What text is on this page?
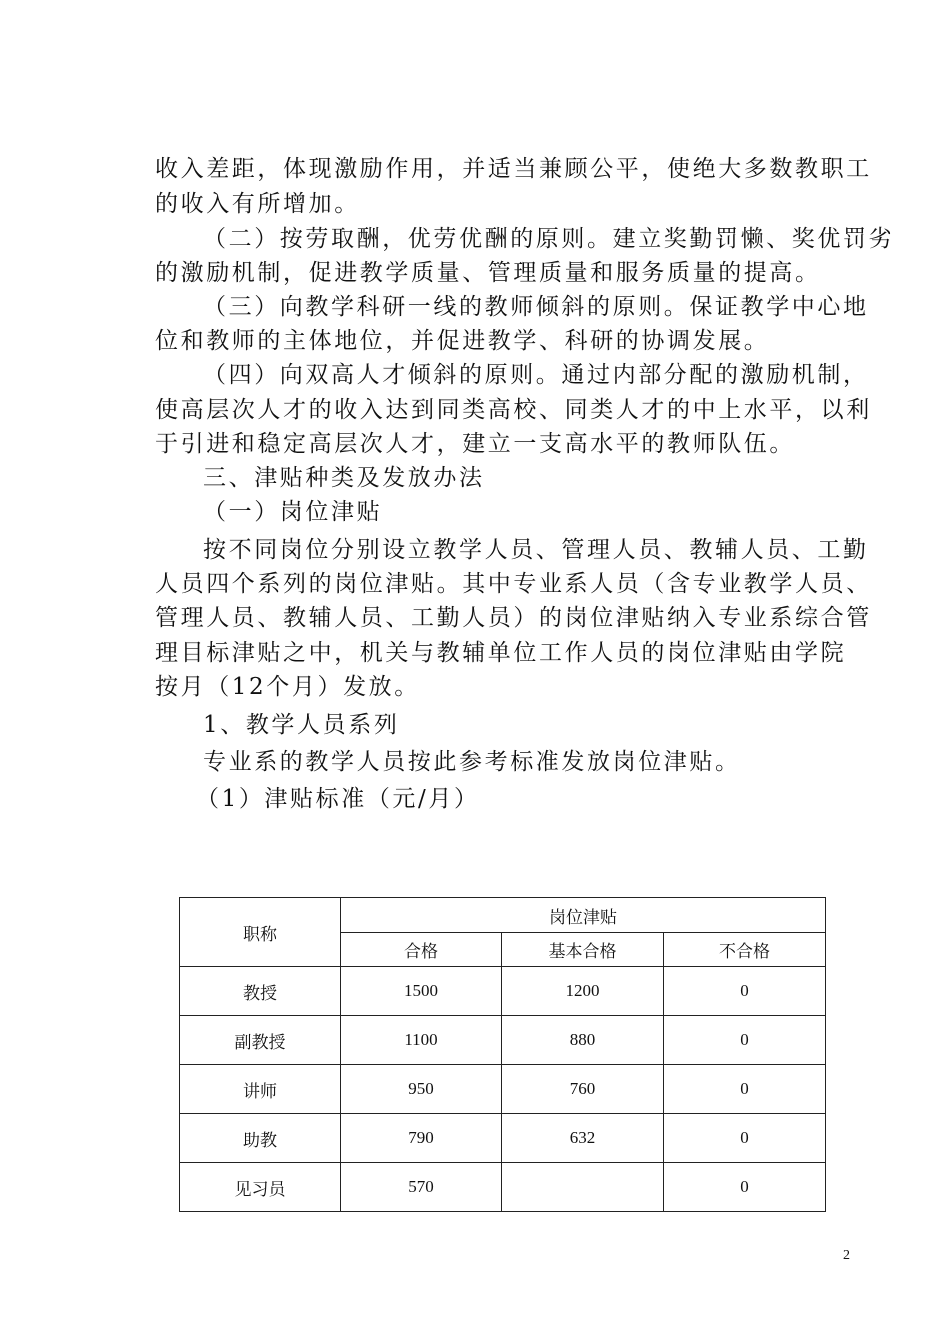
收入差距，体现激励作用，并适当兼顾公平，使绝大多数教职工
的收入有所增加。
（二）按劳取酬，优劳优酬的原则。建立奖勤罚懒、奖优罚劣
的激励机制，促进教学质量、管理质量和服务质量的提高。
（三）向教学科研一线的教师倾斜的原则。保证教学中心地
位和教师的主体地位，并促进教学、科研的协调发展。
（四）向双高人才倾斜的原则。通过内部分配的激励机制，
使高层次人才的收入达到同类高校、同类人才的中上水平，以利
于引进和稳定高层次人才，建立一支高水平的教师队伍。
三、津贴种类及发放办法
（一）岗位津贴
按不同岗位分别设立教学人员、管理人员、教辅人员、工勤
人员四个系列的岗位津贴。其中专业系人员（含专业教学人员、
管理人员、教辅人员、工勤人员）的岗位津贴纳入专业系综合管
理目标津贴之中，机关与教辅单位工作人员的岗位津贴由学院
按月（12个月）发放。
1、教学人员系列
专业系的教学人员按此参考标准发放岗位津贴。
（1）津贴标准（元/月）
职称	岗位津贴		
	合格	基本合格	不合格
教授	1500	1200	0
副教授	1100	880	0
讲师	950	760	0
助教	790	632	0
见习员	570		0
2
